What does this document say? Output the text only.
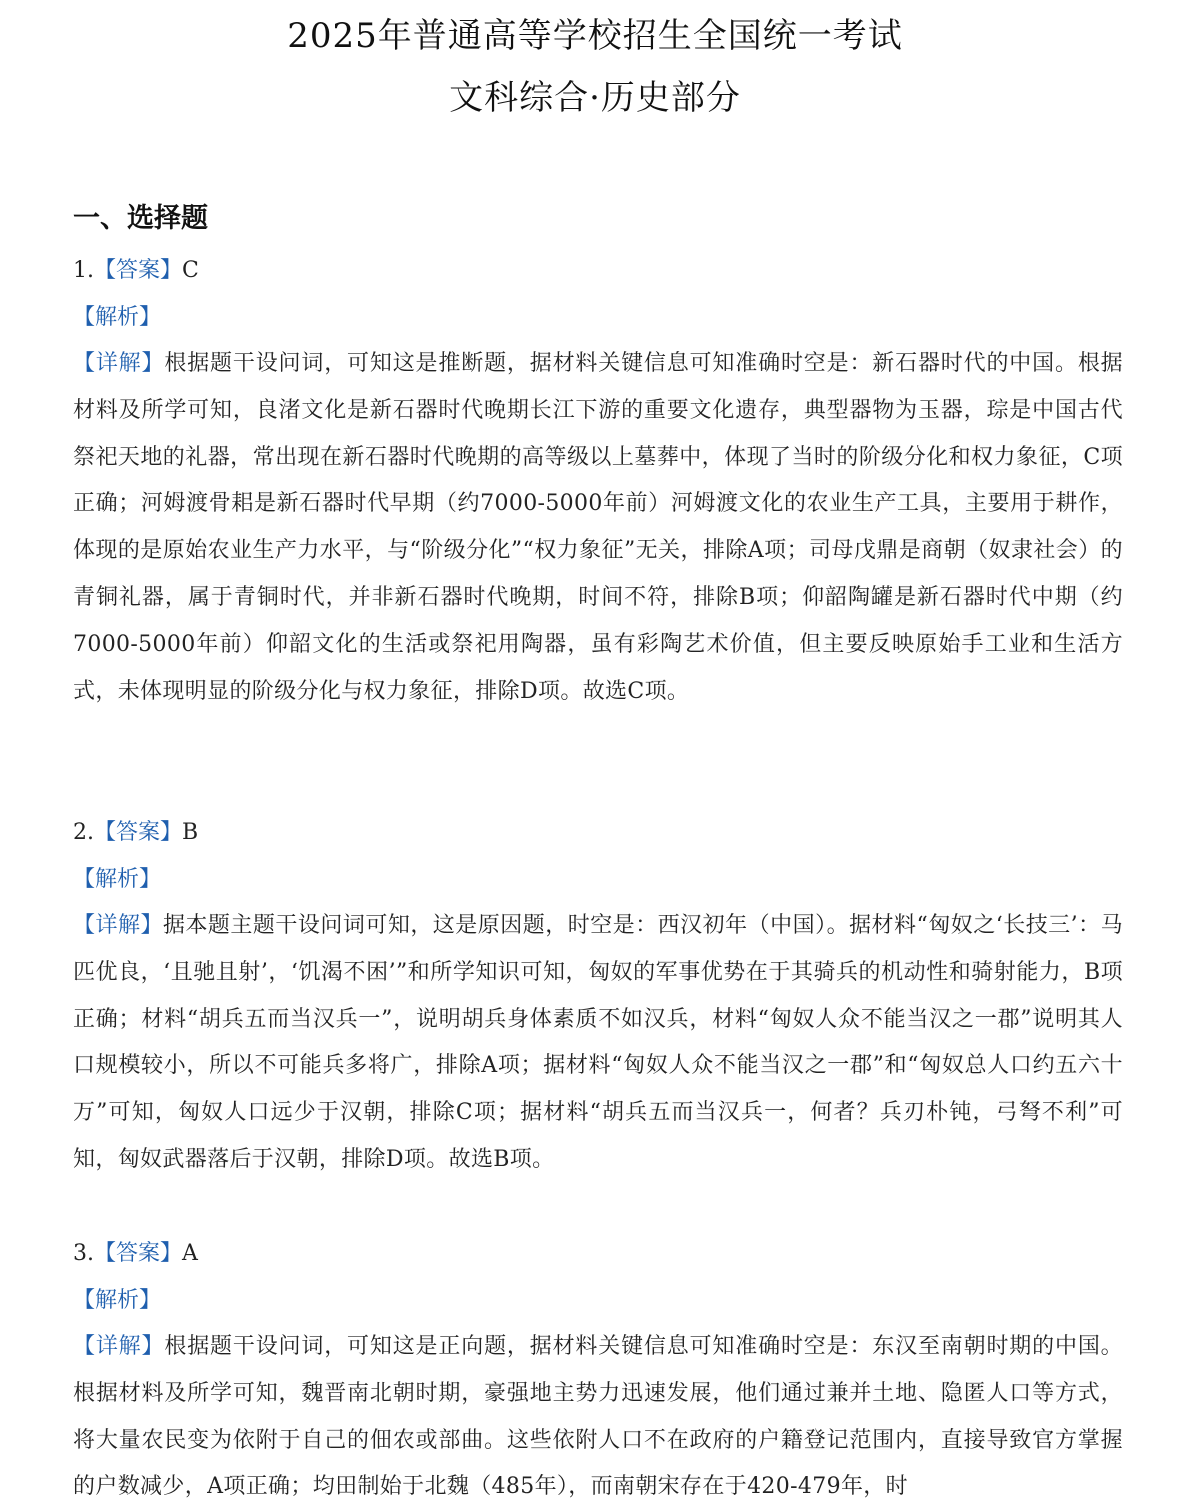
2025年普通高等学校招生全国统一考试
文科综合·历史部分
一、选择题
1.【答案】C
【解析】
【详解】根据题干设问词，可知这是推断题，据材料关键信息可知准确时空是：新石器时代的中国。根据材料及所学可知，良渚文化是新石器时代晚期长江下游的重要文化遗存，典型器物为玉器，琮是中国古代祭祀天地的礼器，常出现在新石器时代晚期的高等级以上墓葬中，体现了当时的阶级分化和权力象征，C项正确；河姆渡骨耜是新石器时代早期（约7000-5000年前）河姆渡文化的农业生产工具，主要用于耕作，体现的是原始农业生产力水平，与“阶级分化”“权力象征”无关，排除A项；司母戊鼎是商朝（奴隶社会）的青铜礼器，属于青铜时代，并非新石器时代晚期，时间不符，排除B项；仰韶陶罐是新石器时代中期（约7000-5000年前）仰韶文化的生活或祭祀用陶器，虽有彩陶艺术价值，但主要反映原始手工业和生活方式，未体现明显的阶级分化与权力象征，排除D项。故选C项。
2.【答案】B
【解析】
【详解】据本题主题干设问词可知，这是原因题，时空是：西汉初年（中国）。据材料“匈奴之‘长技三’：马匹优良，‘且驰且射’，‘饥渴不困’”和所学知识可知，匈奴的军事优势在于其骑兵的机动性和骑射能力，B项正确；材料“胡兵五而当汉兵一”，说明胡兵身体素质不如汉兵，材料“匈奴人众不能当汉之一郡”说明其人口规模较小，所以不可能兵多将广，排除A项；据材料“匈奴人众不能当汉之一郡”和“匈奴总人口约五六十万”可知，匈奴人口远少于汉朝，排除C项；据材料“胡兵五而当汉兵一，何者？兵刃朴钝，弓弩不利”可知，匈奴武器落后于汉朝，排除D项。故选B项。
3.【答案】A
【解析】
【详解】根据题干设问词，可知这是正向题，据材料关键信息可知准确时空是：东汉至南朝时期的中国。根据材料及所学可知，魏晋南北朝时期，豪强地主势力迅速发展，他们通过兼并土地、隐匿人口等方式，将大量农民变为依附于自己的佃农或部曲。这些依附人口不在政府的户籍登记范围内，直接导致官方掌握的户数减少，A项正确；均田制始于北魏（485年），而南朝宋存在于420-479年，时
